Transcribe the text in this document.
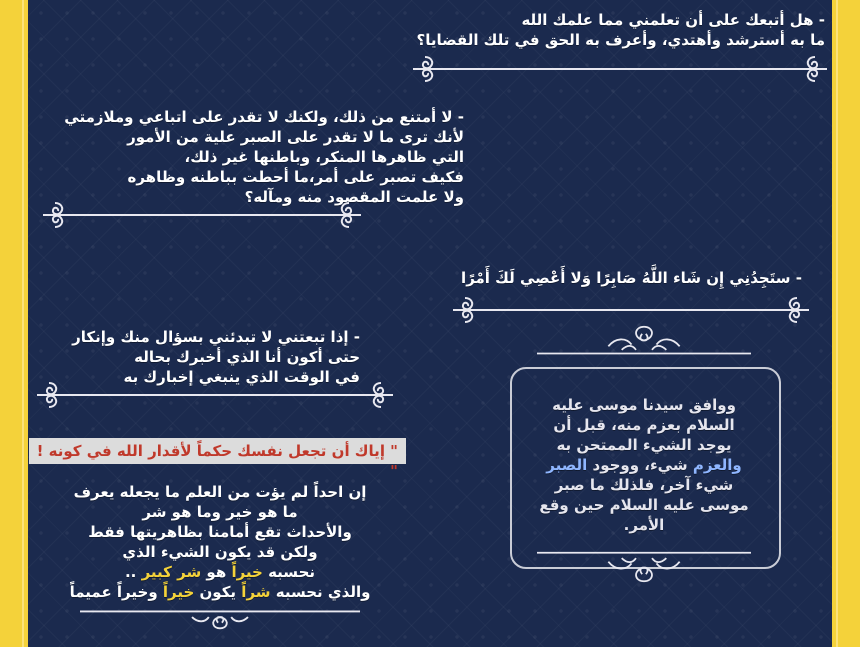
- هل أتبعك على أن تعلمني مما علمك الله
ما به أسترشد وأهتدي، وأعرف به الحق في تلك القضايا؟
- لا أمتنع من ذلك، ولكنك لا تقدر على اتباعي وملازمتي
لأنك ترى ما لا تقدر على الصبر علية من الأمور
التي ظاهرها المنكر، وباطنها غير ذلك،
فكيف تصبر على أمر،ما أحطت بباطنه وظاهره
ولا علمت المقصود منه ومآله؟
- ستَجِدُنِي إِن شَاء اللَّهُ صَابِرًا وَلا أَعْصِي لَكَ أَمْرًا
- إذا تبعتني لا تبدئني بسؤال منك وإنكار
حتى أكون أنا الذي أخبرك بحاله
في الوقت الذي ينبغي إخبارك به
ووافق سيدنا موسى عليه
السلام بعزم منه، قبل أن
يوجد الشيء الممتحن به
والعزم شيء، ووجود الصبر
شيء آخر، فلذلك ما صبر
موسى عليه السلام حين وقع
الأمر.
" إياك أن تجعل نفسك حكماً لأقدار الله في كونه ! "
إن احداً لم يؤت من العلم ما يجعله يعرف
ما هو خير وما هو شر
والأحداث تقع أمامنا بظاهريتها فقط
ولكن قد يكون الشيء الذي
نحسبه خيراً هو شر كبير ..
والذي نحسبه شراً يكون خيراً وخيراً عميماً
